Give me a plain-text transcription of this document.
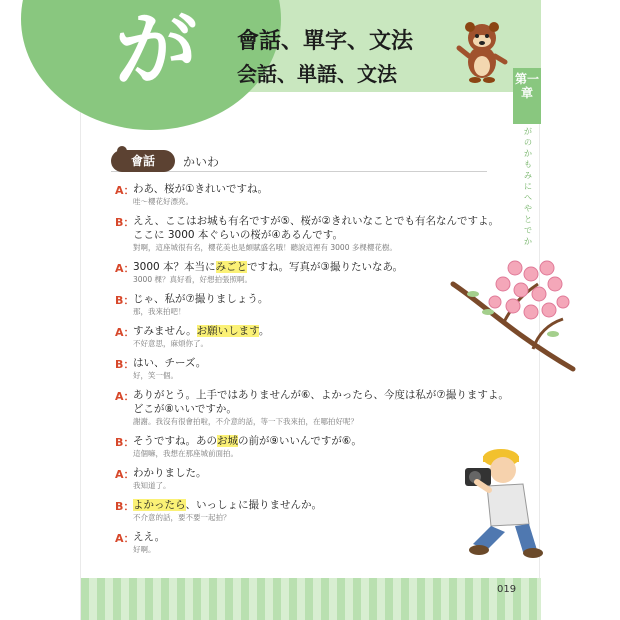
が 會話、單字、文法
会話、単語、文法	第一章
がのかもみにへやとでか
會話	かいわ
A：
わあ、桜が①きれいですね。
哇～櫻花好漂亮。
B：
ええ、ここはお城も有名ですが⑤、桜が②きれいなことでも有名なんですよ。
ここに 3000 本ぐらいの桜が④あるんです。
對啊，這座城很有名，櫻花美也是頗賦盛名哦！聽說這裡有 3000 多棵櫻花樹。
A：
3000 本？本当にみごとですね。写真が③撮りたいなあ。
3000 棵？真好看，好想拍張照啊。
B：
じゃ、私が⑦撮りましょう。
那，我來拍吧！
A：
すみません。お願いします。
不好意思，麻煩你了。
B：
はい、チーズ。
好，笑一個。
A：
ありがとう。上手ではありませんが⑥、よかったら、今度は私が⑦撮りますよ。
どこが⑧いいですか。
謝謝。我沒有很會拍啦，不介意的話，等一下我來拍，在哪拍好呢？
B：
そうですね。あのお城の前が⑨いいんですが⑥。
這個嘛，我想在那座城前面拍。
A：
わかりました。
我知道了。
B：
よかったら、いっしょに撮りませんか。
不介意的話，要不要一起拍？
A：
ええ。
好啊。
019
